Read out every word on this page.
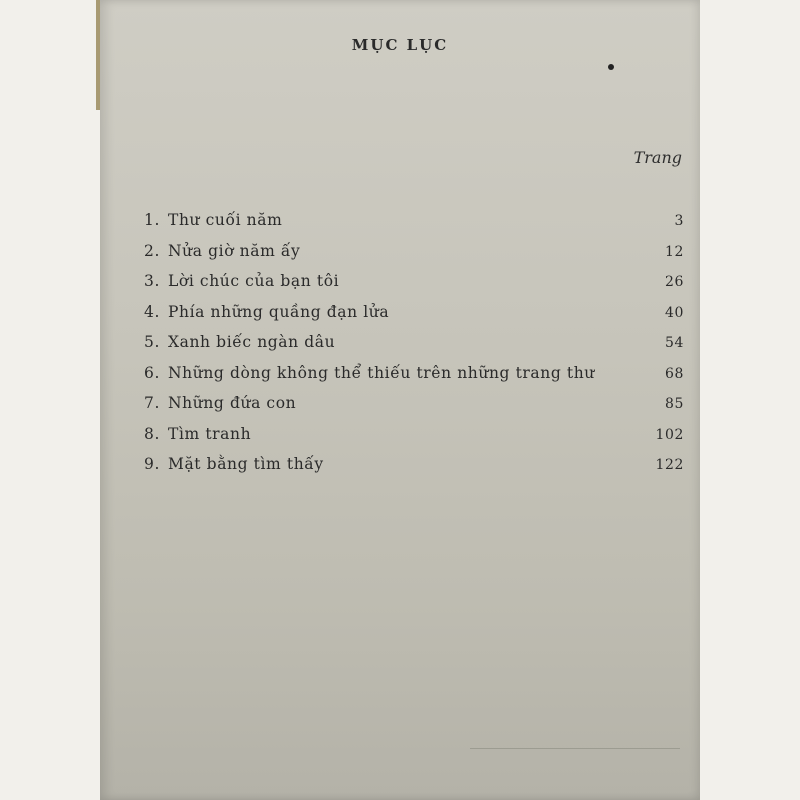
MỤC LỤC
Trang
1. Thư cuối năm	3
2. Nửa giờ năm ấy	12
3. Lời chúc của bạn tôi	26
4. Phía những quầng đạn lửa	40
5. Xanh biếc ngàn dâu	54
6. Những dòng không thể thiếu trên những trang thư	68
7. Những đứa con	85
8. Tìm tranh	102
9. Mặt bằng tìm thấy	122
